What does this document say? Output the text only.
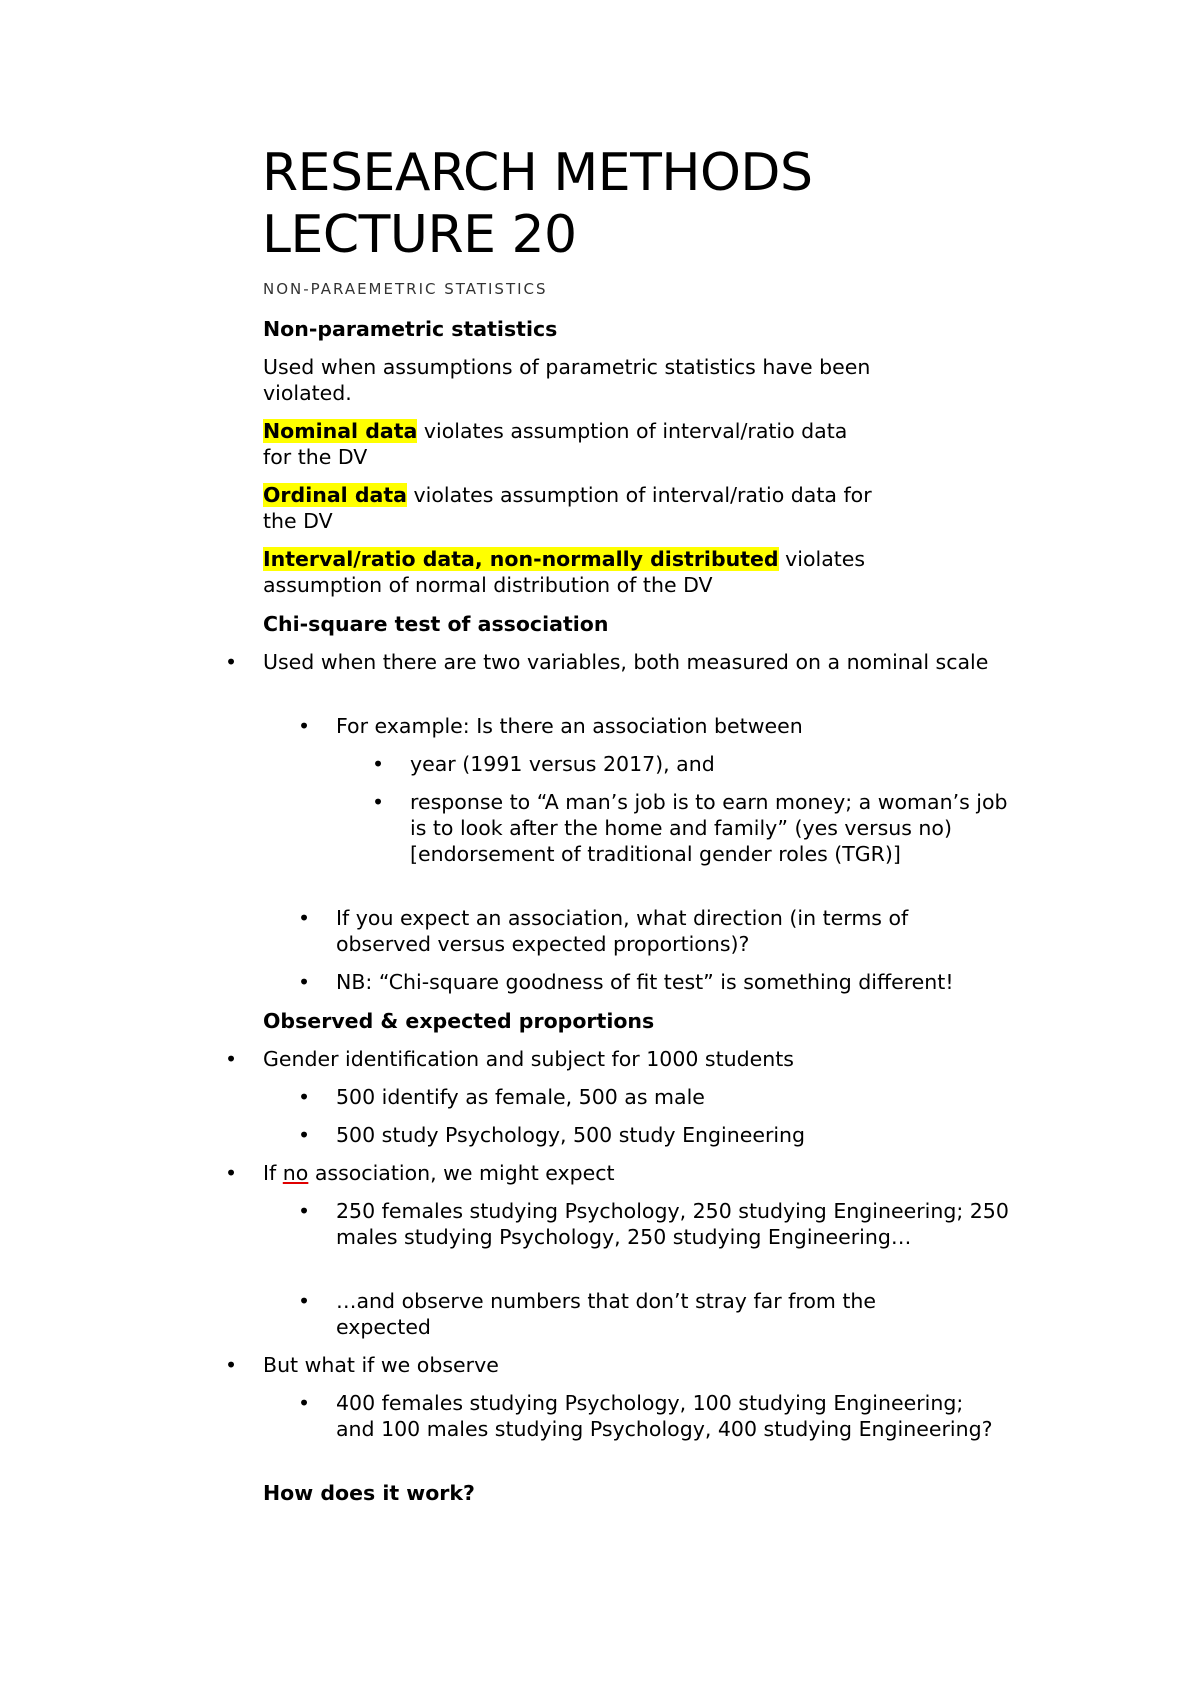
RESEARCH METHODS
LECTURE 20
NON-PARAEMETRIC STATISTICS

Non-parametric statistics

Used when assumptions of parametric statistics have been violated.

Nominal data violates assumption of interval/ratio data
for the DV

Ordinal data violates assumption of interval/ratio data for
the DV

Interval/ratio data, non-normally distributed violates
assumption of normal distribution of the DV

Chi-square test of association

• Used when there are two variables, both measured on a nominal scale

• For example: Is there an association between

• year (1991 versus 2017), and

• response to “A man’s job is to earn money; a woman’s job is to look after the home and family” (yes versus no) [endorsement of traditional gender roles (TGR)]

• If you expect an association, what direction (in terms of observed versus expected proportions)?

• NB: “Chi-square goodness of fit test” is something different!

Observed & expected proportions

• Gender identification and subject for 1000 students

• 500 identify as female, 500 as male

• 500 study Psychology, 500 study Engineering

• If no association, we might expect

• 250 females studying Psychology, 250 studying Engineering; 250 males studying Psychology, 250 studying Engineering…

• …and observe numbers that don’t stray far from the expected

• But what if we observe

• 400 females studying Psychology, 100 studying Engineering; and 100 males studying Psychology, 400 studying Engineering?

How does it work?
